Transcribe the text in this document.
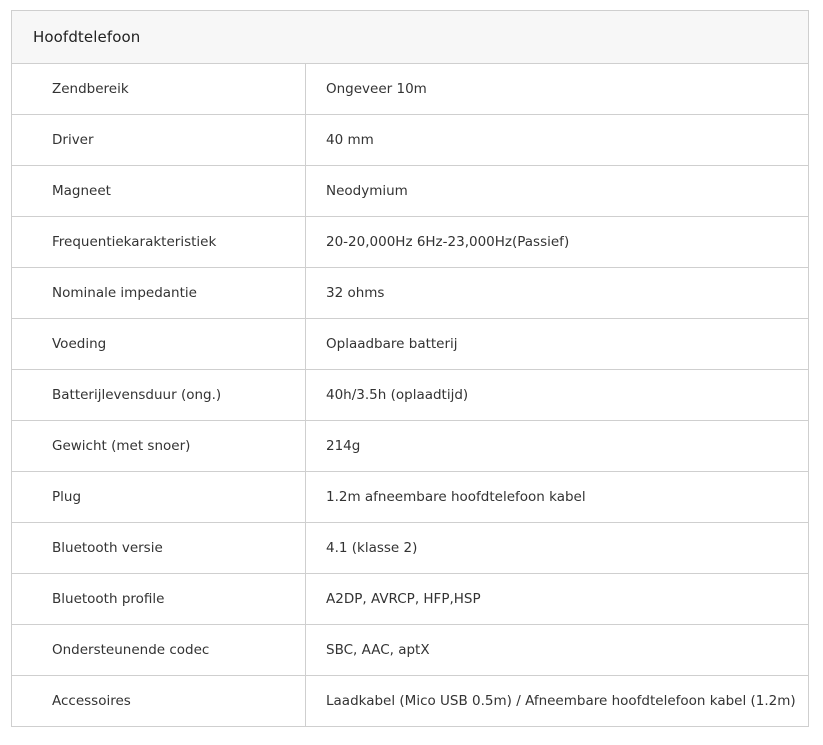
Hoofdtelefoon	
Zendbereik	Ongeveer 10m
Driver	40 mm
Magneet	Neodymium
Frequentiekarakteristiek	20-20,000Hz 6Hz-23,000Hz(Passief)
Nominale impedantie	32 ohms
Voeding	Oplaadbare batterij
Batterijlevensduur (ong.)	40h/3.5h (oplaadtijd)
Gewicht (met snoer)	214g
Plug	1.2m afneembare hoofdtelefoon kabel
Bluetooth versie	4.1 (klasse 2)
Bluetooth profile	A2DP, AVRCP, HFP,HSP
Ondersteunende codec	SBC, AAC, aptX
Accessoires	Laadkabel (Mico USB 0.5m) / Afneembare hoofdtelefoon kabel (1.2m)
